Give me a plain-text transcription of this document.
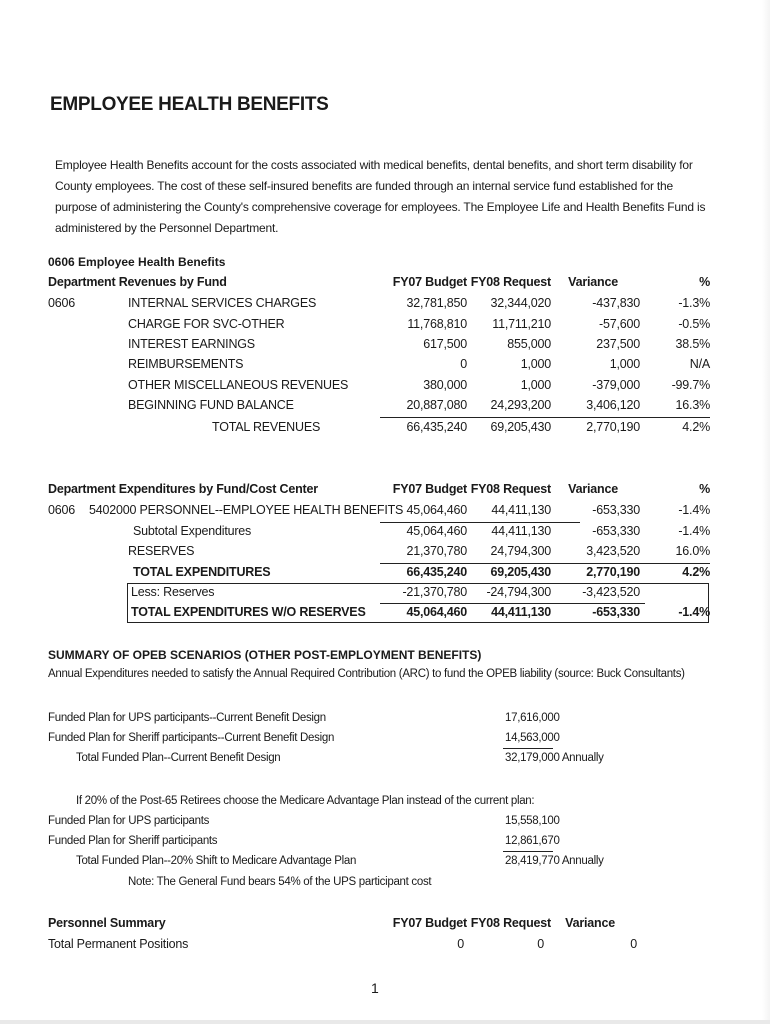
EMPLOYEE HEALTH BENEFITS
Employee Health Benefits account for the costs associated with medical benefits, dental benefits, and short term disability for County employees. The cost of these self-insured benefits are funded through an internal service fund established for the purpose of administering the County's comprehensive coverage for employees. The Employee Life and Health Benefits Fund is administered by the Personnel Department.
0606 Employee Health Benefits
Department Revenues by Fund	FY07 Budget FY08 Request Variance	%
0606	INTERNAL SERVICES CHARGES	32,781,850 32,344,020	-437,830	-1.3%
CHARGE FOR SVC-OTHER	11,768,810 11,711,210	-57,600	-0.5%
INTEREST EARNINGS	617,500	855,000	237,500	38.5%
REIMBURSEMENTS	0	1,000	1,000	N/A
OTHER MISCELLANEOUS REVENUES	380,000	1,000	-379,000	-99.7%
BEGINNING FUND BALANCE	20,887,080 24,293,200	3,406,120	16.3%
TOTAL REVENUES	66,435,240 69,205,430	2,770,190	4.2%
Department Expenditures by Fund/Cost Center	FY07 Budget FY08 Request Variance	%
0606 5402000 PERSONNEL--EMPLOYEE HEALTH BENEFITS 45,064,460 44,411,130	-653,330	-1.4%
Subtotal Expenditures	45,064,460 44,411,130	-653,330	-1.4%
RESERVES	21,370,780 24,794,300	3,423,520	16.0%
TOTAL EXPENDITURES	66,435,240 69,205,430	2,770,190	4.2%
Less: Reserves	-21,370,780 -24,794,300 -3,423,520
TOTAL EXPENDITURES W/O RESERVES	45,064,460 44,411,130	-653,330	-1.4%
SUMMARY OF OPEB SCENARIOS (OTHER POST-EMPLOYMENT BENEFITS)
Annual Expenditures needed to satisfy the Annual Required Contribution (ARC) to fund the OPEB liability (source: Buck Consultants)
Funded Plan for UPS participants--Current Benefit Design	17,616,000
Funded Plan for Sheriff participants--Current Benefit Design	14,563,000
Total Funded Plan--Current Benefit Design	32,179,000 Annually
If 20% of the Post-65 Retirees choose the Medicare Advantage Plan instead of the current plan:
Funded Plan for UPS participants	15,558,100
Funded Plan for Sheriff participants	12,861,670
Total Funded Plan--20% Shift to Medicare Advantage Plan	28,419,770 Annually
Note: The General Fund bears 54% of the UPS participant cost
Personnel Summary	FY07 Budget FY08 Request Variance
Total Permanent Positions	0	0	0
1
